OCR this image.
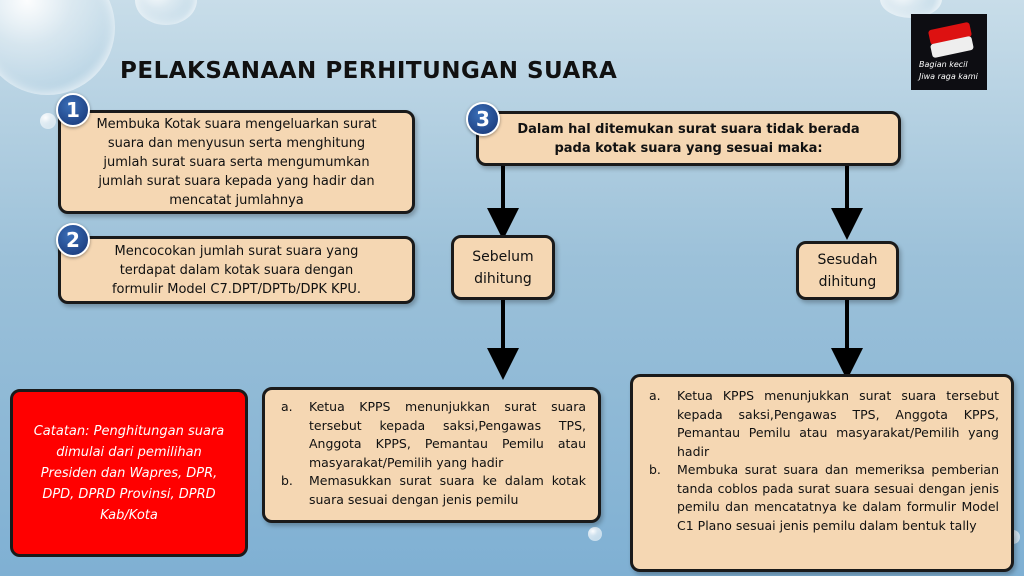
PELAKSANAAN PERHITUNGAN SUARA	Bagian kecil
Jiwa raga kami
Membuka Kotak suara mengeluarkan surat suara dan menyusun serta menghitung jumlah surat suara serta mengumumkan jumlah surat suara kepada yang hadir dan mencatat jumlahnya
1
Mencocokan jumlah surat suara yang terdapat dalam kotak suara dengan formulir Model C7.DPT/DPTb/DPK KPU.
2
Dalam hal ditemukan surat suara tidak berada pada kotak suara yang sesuai maka:
3
Sebelum dihitung
Sesudah dihitung
a.	Ketua KPPS menunjukkan surat suara tersebut kepada saksi,Pengawas TPS, Anggota KPPS, Pemantau Pemilu atau masyarakat/Pemilih yang hadir
b.	Memasukkan surat suara ke dalam kotak suara sesuai dengan jenis pemilu
a.	Ketua KPPS menunjukkan surat suara tersebut kepada saksi,Pengawas TPS, Anggota KPPS, Pemantau Pemilu atau masyarakat/Pemilih yang hadir
b.	Membuka surat suara dan memeriksa pemberian tanda coblos pada surat suara sesuai dengan jenis pemilu dan mencatatnya ke dalam formulir Model C1 Plano sesuai jenis pemilu dalam bentuk tally
Catatan: Penghitungan suara dimulai dari pemilihan Presiden dan Wapres, DPR, DPD, DPRD Provinsi, DPRD Kab/Kota
